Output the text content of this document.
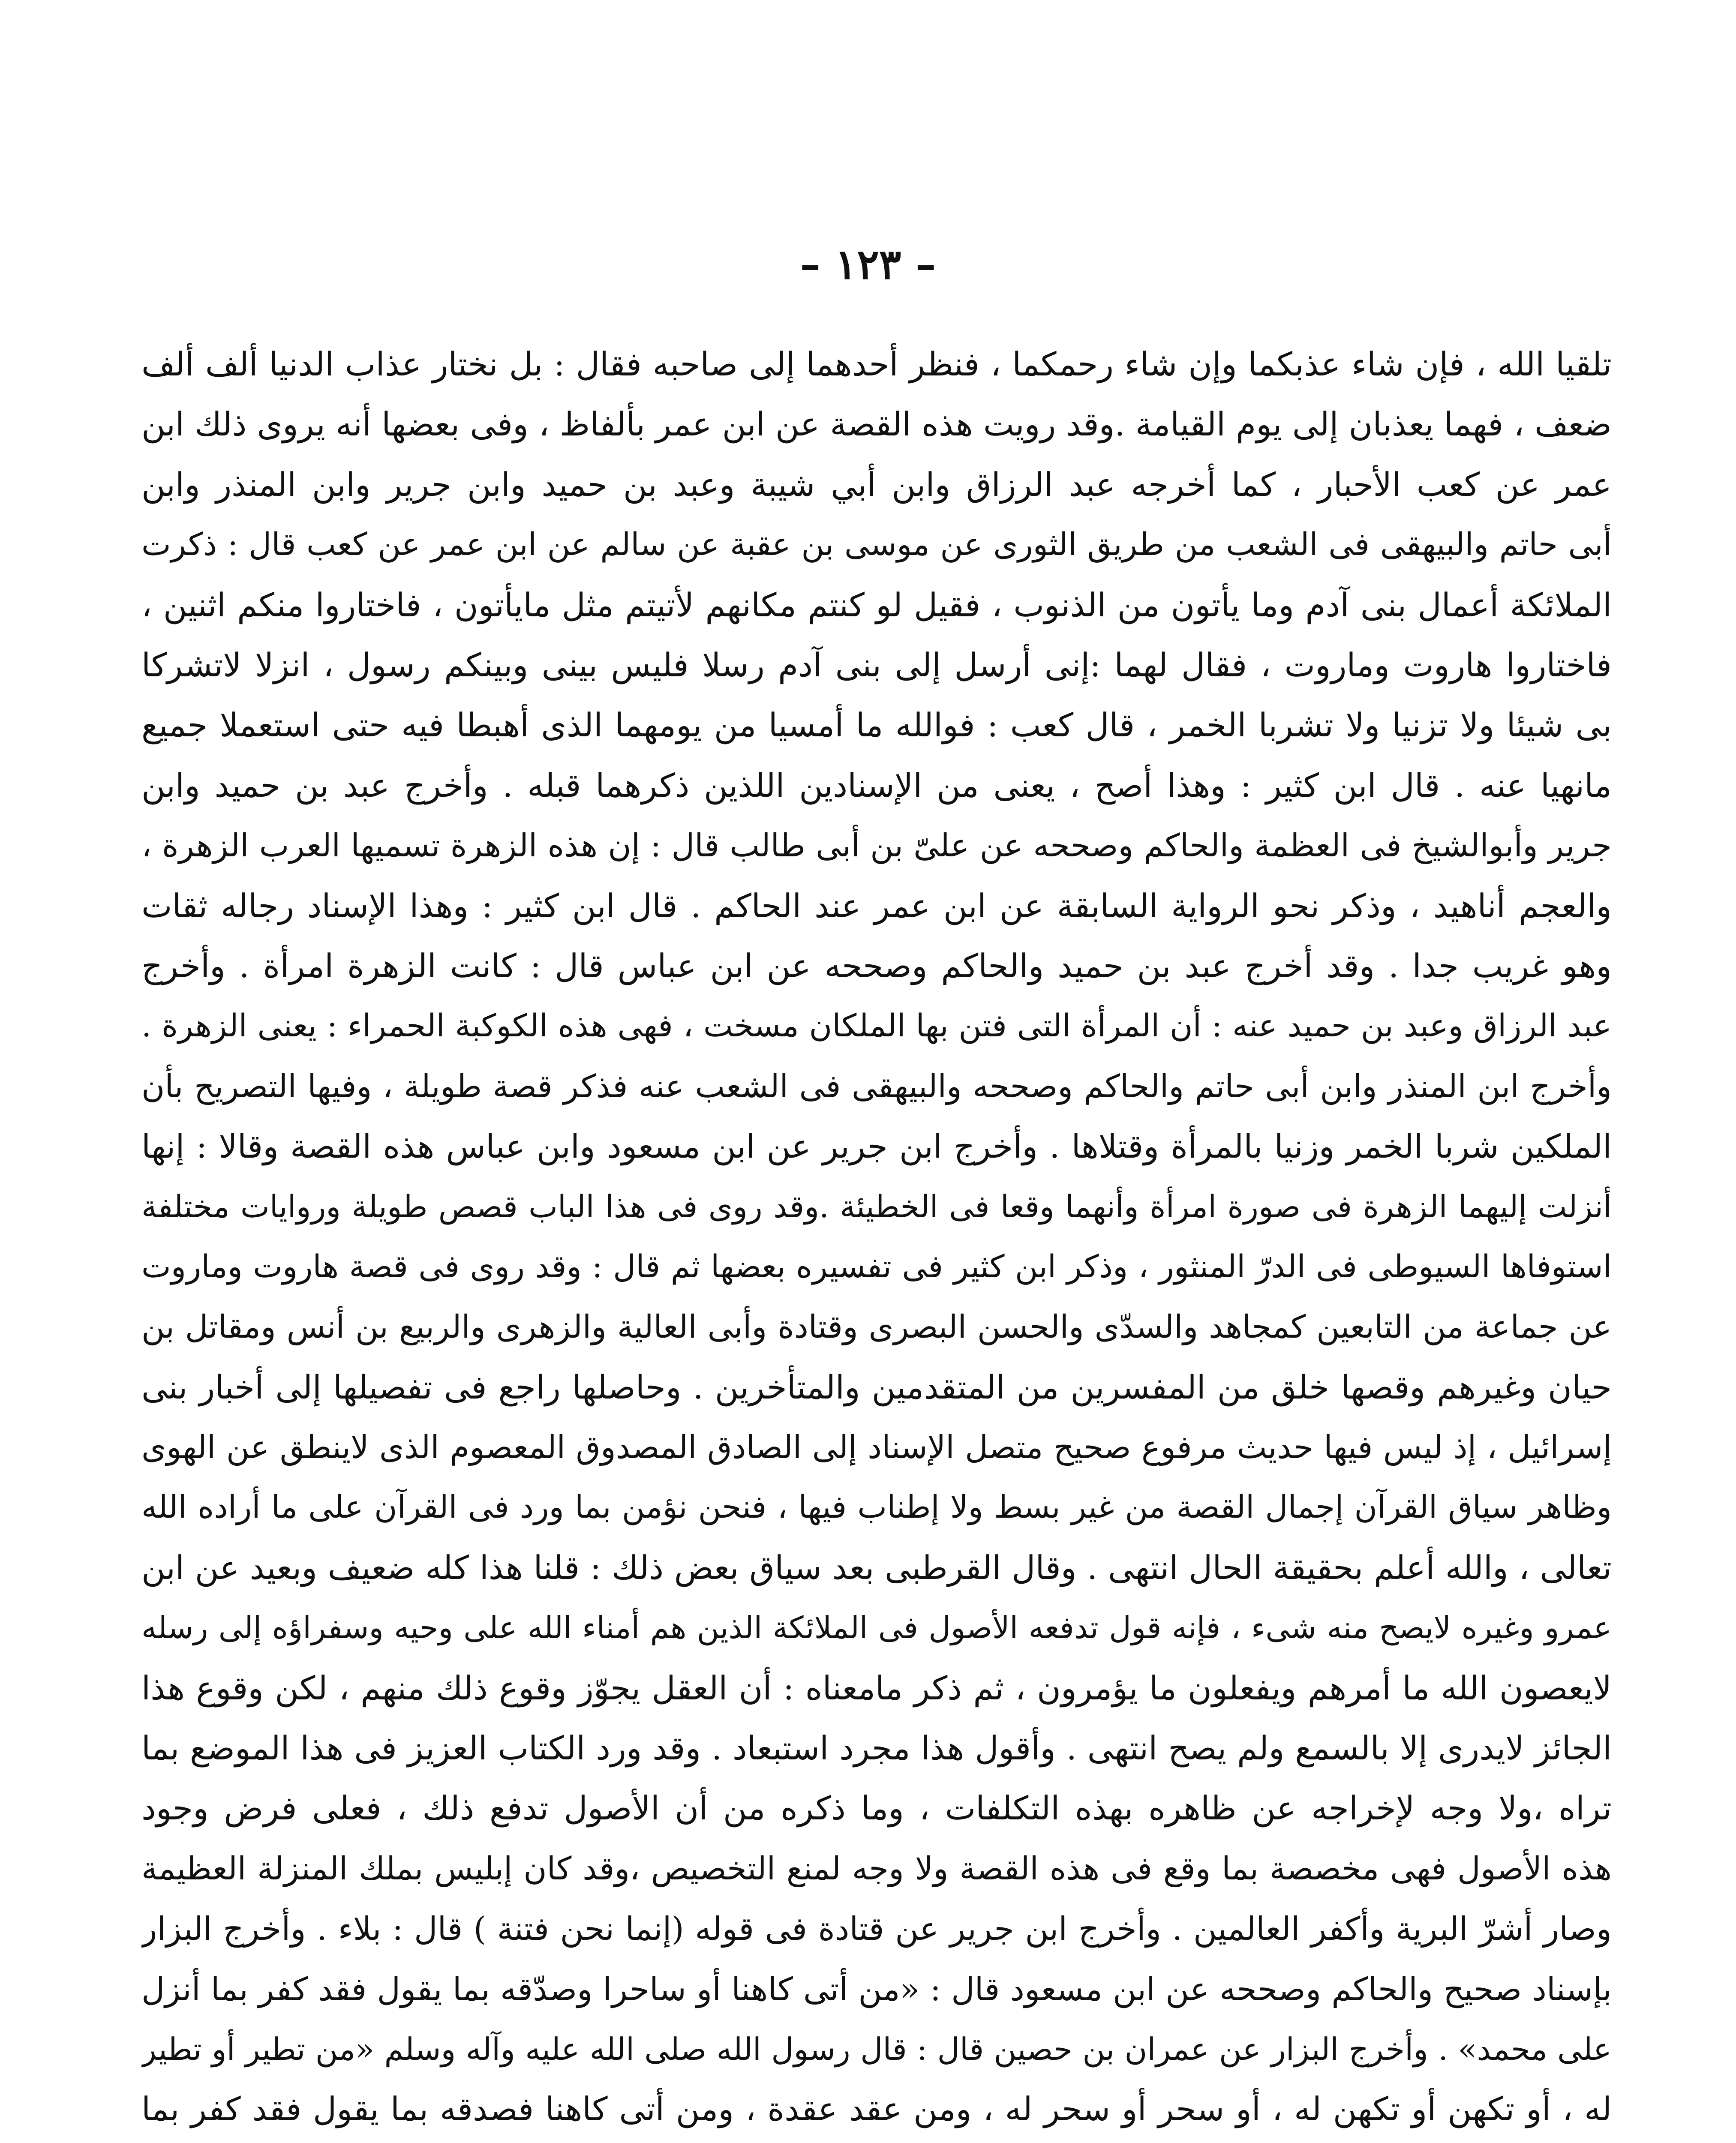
– ١٢٣ –
تلقيا الله ، فإن شاء عذبكما وإن شاء رحمكما ، فنظر أحدهما إلى صاحبه فقال : بل نختار عذاب الدنيا ألف ألف
ضعف ، فهما يعذبان إلى يوم القيامة .وقد رويت هذه القصة عن ابن عمر بألفاظ ، وفى بعضها أنه يروى ذلك ابن
عمر عن كعب الأحبار ، كما أخرجه عبد الرزاق وابن أبي شيبة وعبد بن حميد وابن جرير وابن المنذر وابن
أبى حاتم والبيهقى فى الشعب من طريق الثورى عن موسى بن عقبة عن سالم عن ابن عمر عن كعب قال : ذكرت
الملائكة أعمال بنى آدم وما يأتون من الذنوب ، فقيل لو كنتم مكانهم لأتيتم مثل مايأتون ، فاختاروا منكم اثنين ،
فاختاروا هاروت وماروت ، فقال لهما :إنى أرسل إلى بنى آدم رسلا فليس بينى وبينكم رسول ، انزلا لاتشركا
بى شيئا ولا تزنيا ولا تشربا الخمر ، قال كعب : فوالله ما أمسيا من يومهما الذى أهبطا فيه حتى استعملا جميع
مانهيا عنه . قال ابن كثير : وهذا أصح ، يعنى من الإسنادين اللذين ذكرهما قبله . وأخرج عبد بن حميد وابن
جرير وأبوالشيخ فى العظمة والحاكم وصححه عن علىّ بن أبى طالب قال : إن هذه الزهرة تسميها العرب الزهرة ،
والعجم أناهيد ، وذكر نحو الرواية السابقة عن ابن عمر عند الحاكم . قال ابن كثير : وهذا الإسناد رجاله ثقات
وهو غريب جدا . وقد أخرج عبد بن حميد والحاكم وصححه عن ابن عباس قال : كانت الزهرة امرأة . وأخرج
عبد الرزاق وعبد بن حميد عنه : أن المرأة التى فتن بها الملكان مسخت ، فهى هذه الكوكبة الحمراء : يعنى الزهرة .
وأخرج ابن المنذر وابن أبى حاتم والحاكم وصححه والبيهقى فى الشعب عنه فذكر قصة طويلة ، وفيها التصريح بأن
الملكين شربا الخمر وزنيا بالمرأة وقتلاها . وأخرج ابن جرير عن ابن مسعود وابن عباس هذه القصة وقالا : إنها
أنزلت إليهما الزهرة فى صورة امرأة وأنهما وقعا فى الخطيئة .وقد روى فى هذا الباب قصص طويلة وروايات مختلفة
استوفاها السيوطى فى الدرّ المنثور ، وذكر ابن كثير فى تفسيره بعضها ثم قال : وقد روى فى قصة هاروت وماروت
عن جماعة من التابعين كمجاهد والسدّى والحسن البصرى وقتادة وأبى العالية والزهرى والربيع بن أنس ومقاتل بن
حيان وغيرهم وقصها خلق من المفسرين من المتقدمين والمتأخرين . وحاصلها راجع فى تفصيلها إلى أخبار بنى
إسرائيل ، إذ ليس فيها حديث مرفوع صحيح متصل الإسناد إلى الصادق المصدوق المعصوم الذى لاينطق عن الهوى
وظاهر سياق القرآن إجمال القصة من غير بسط ولا إطناب فيها ، فنحن نؤمن بما ورد فى القرآن على ما أراده الله
تعالى ، والله أعلم بحقيقة الحال انتهى . وقال القرطبى بعد سياق بعض ذلك : قلنا هذا كله ضعيف وبعيد عن ابن
عمرو وغيره لايصح منه شىء ، فإنه قول تدفعه الأصول فى الملائكة الذين هم أمناء الله على وحيه وسفراؤه إلى رسله
لايعصون الله ما أمرهم ويفعلون ما يؤمرون ، ثم ذكر مامعناه : أن العقل يجوّز وقوع ذلك منهم ، لكن وقوع هذا
الجائز لايدرى إلا بالسمع ولم يصح انتهى . وأقول هذا مجرد استبعاد . وقد ورد الكتاب العزيز فى هذا الموضع بما
تراه ،ولا وجه لإخراجه عن ظاهره بهذه التكلفات ، وما ذكره من أن الأصول تدفع ذلك ، فعلى فرض وجود
هذه الأصول فهى مخصصة بما وقع فى هذه القصة ولا وجه لمنع التخصيص ،وقد كان إبليس بملك المنزلة العظيمة
وصار أشرّ البرية وأكفر العالمين . وأخرج ابن جرير عن قتادة فى قوله (إنما نحن فتنة ) قال : بلاء . وأخرج البزار
بإسناد صحيح والحاكم وصححه عن ابن مسعود قال : «من أتى كاهنا أو ساحرا وصدّقه بما يقول فقد كفر بما أنزل
على محمد» . وأخرج البزار عن عمران بن حصين قال : قال رسول الله صلى الله عليه وآله وسلم «من تطير أو تطير
له ، أو تكهن أو تكهن له ، أو سحر أو سحر له ، ومن عقد عقدة ، ومن أتى كاهنا فصدقه بما يقول فقد كفر بما
